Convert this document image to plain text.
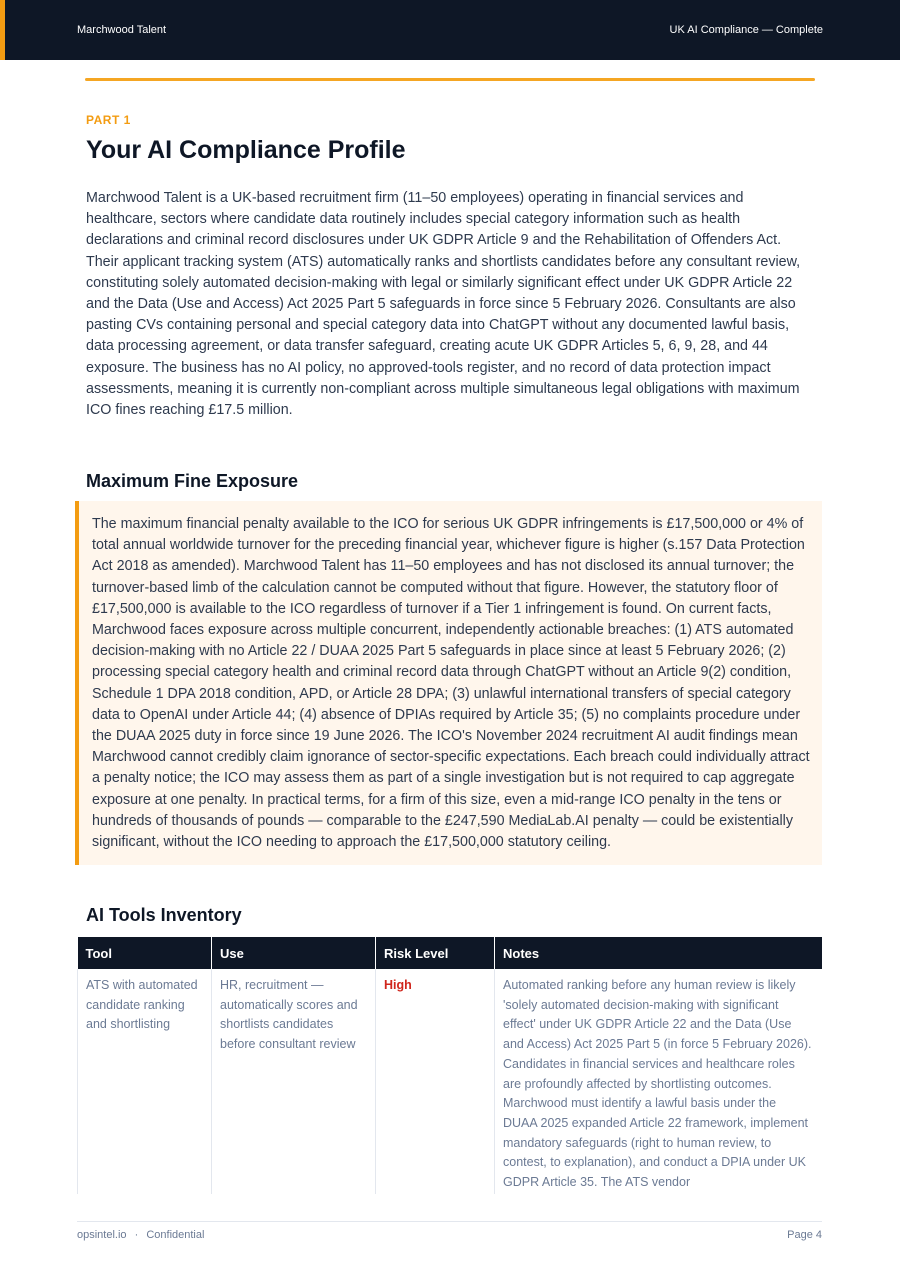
Marchwood Talent	UK AI Compliance — Complete
PART 1
Your AI Compliance Profile

Marchwood Talent is a UK-based recruitment firm (11–50 employees) operating in financial services and healthcare, sectors where candidate data routinely includes special category information such as health declarations and criminal record disclosures under UK GDPR Article 9 and the Rehabilitation of Offenders Act. Their applicant tracking system (ATS) automatically ranks and shortlists candidates before any consultant review, constituting solely automated decision-making with legal or similarly significant effect under UK GDPR Article 22 and the Data (Use and Access) Act 2025 Part 5 safeguards in force since 5 February 2026. Consultants are also pasting CVs containing personal and special category data into ChatGPT without any documented lawful basis, data processing agreement, or data transfer safeguard, creating acute UK GDPR Articles 5, 6, 9, 28, and 44 exposure. The business has no AI policy, no approved-tools register, and no record of data protection impact assessments, meaning it is currently non-compliant across multiple simultaneous legal obligations with maximum ICO fines reaching £17.5 million.

Maximum Fine Exposure

The maximum financial penalty available to the ICO for serious UK GDPR infringements is £17,500,000 or 4% of total annual worldwide turnover for the preceding financial year, whichever figure is higher (s.157 Data Protection Act 2018 as amended). Marchwood Talent has 11–50 employees and has not disclosed its annual turnover; the turnover-based limb of the calculation cannot be computed without that figure. However, the statutory floor of £17,500,000 is available to the ICO regardless of turnover if a Tier 1 infringement is found. On current facts, Marchwood faces exposure across multiple concurrent, independently actionable breaches: (1) ATS automated decision-making with no Article 22 / DUAA 2025 Part 5 safeguards in place since at least 5 February 2026; (2) processing special category health and criminal record data through ChatGPT without an Article 9(2) condition, Schedule 1 DPA 2018 condition, APD, or Article 28 DPA; (3) unlawful international transfers of special category data to OpenAI under Article 44; (4) absence of DPIAs required by Article 35; (5) no complaints procedure under the DUAA 2025 duty in force since 19 June 2026. The ICO's November 2024 recruitment AI audit findings mean Marchwood cannot credibly claim ignorance of sector-specific expectations. Each breach could individually attract a penalty notice; the ICO may assess them as part of a single investigation but is not required to cap aggregate exposure at one penalty. In practical terms, for a firm of this size, even a mid-range ICO penalty in the tens or hundreds of thousands of pounds — comparable to the £247,590 MediaLab.AI penalty — could be existentially significant, without the ICO needing to approach the £17,500,000 statutory ceiling.

AI Tools Inventory
Tool	Use	Risk Level	Notes
ATS with automated candidate ranking and shortlisting	HR, recruitment — automatically scores and shortlists candidates before consultant review	High	Automated ranking before any human review is likely 'solely automated decision-making with significant effect' under UK GDPR Article 22 and the Data (Use and Access) Act 2025 Part 5 (in force 5 February 2026). Candidates in financial services and healthcare roles are profoundly affected by shortlisting outcomes. Marchwood must identify a lawful basis under the DUAA 2025 expanded Article 22 framework, implement mandatory safeguards (right to human review, to contest, to explanation), and conduct a DPIA under UK GDPR Article 35. The ATS vendor
opsintel.io · Confidential	Page 4
